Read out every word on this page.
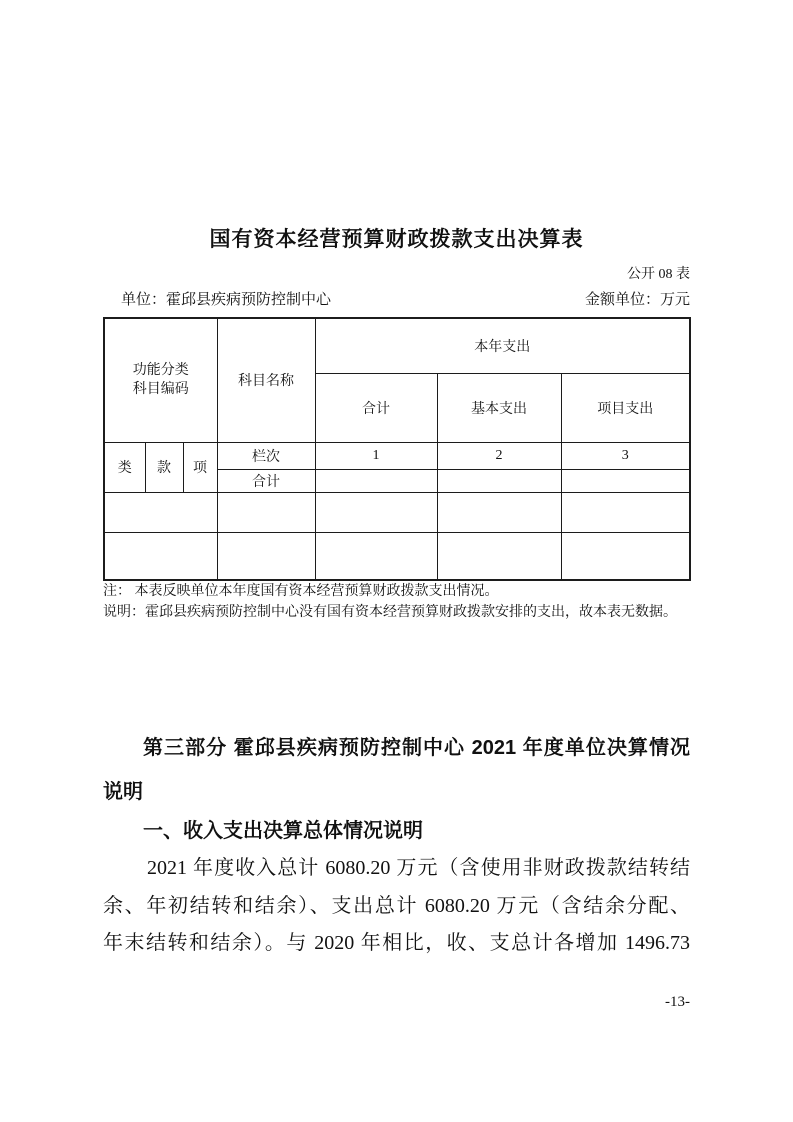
国有资本经营预算财政拨款支出决算表
公开 08 表
单位：霍邱县疾病预防控制中心	金额单位：万元
功能分类
科目编码			科目名称	本年支出		
				合计	基本支出	项目支出
类	款	项	栏次	1	2	3
			合计			

注： 本表反映单位本年度国有资本经营预算财政拨款支出情况。
说明：霍邱县疾病预防控制中心没有国有资本经营预算财政拨款安排的支出，故本表无数据。
第三部分 霍邱县疾病预防控制中心 2021 年度单位决算情况
说明
一、收入支出决算总体情况说明
2021 年度收入总计 6080.20 万元（含使用非财政拨款结转结
余、年初结转和结余）、支出总计 6080.20 万元（含结余分配、
年末结转和结余）。与 2020 年相比，收、支总计各增加 1496.73
-13-
